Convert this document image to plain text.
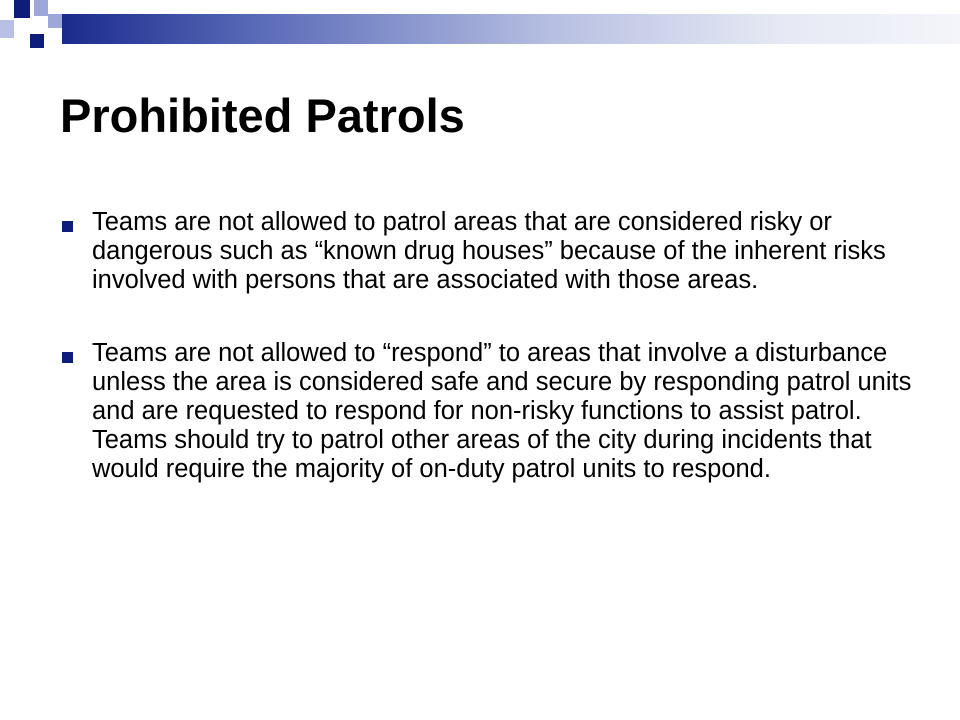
Prohibited Patrols
Teams are not allowed to patrol areas that are considered risky or dangerous such as “known drug houses” because of the inherent risks involved with persons that are associated with those areas.
Teams are not allowed to “respond” to areas that involve a disturbance unless the area is considered safe and secure by responding patrol units and are requested to respond for non-risky functions to assist patrol. Teams should try to patrol other areas of the city during incidents that would require the majority of on-duty patrol units to respond.
